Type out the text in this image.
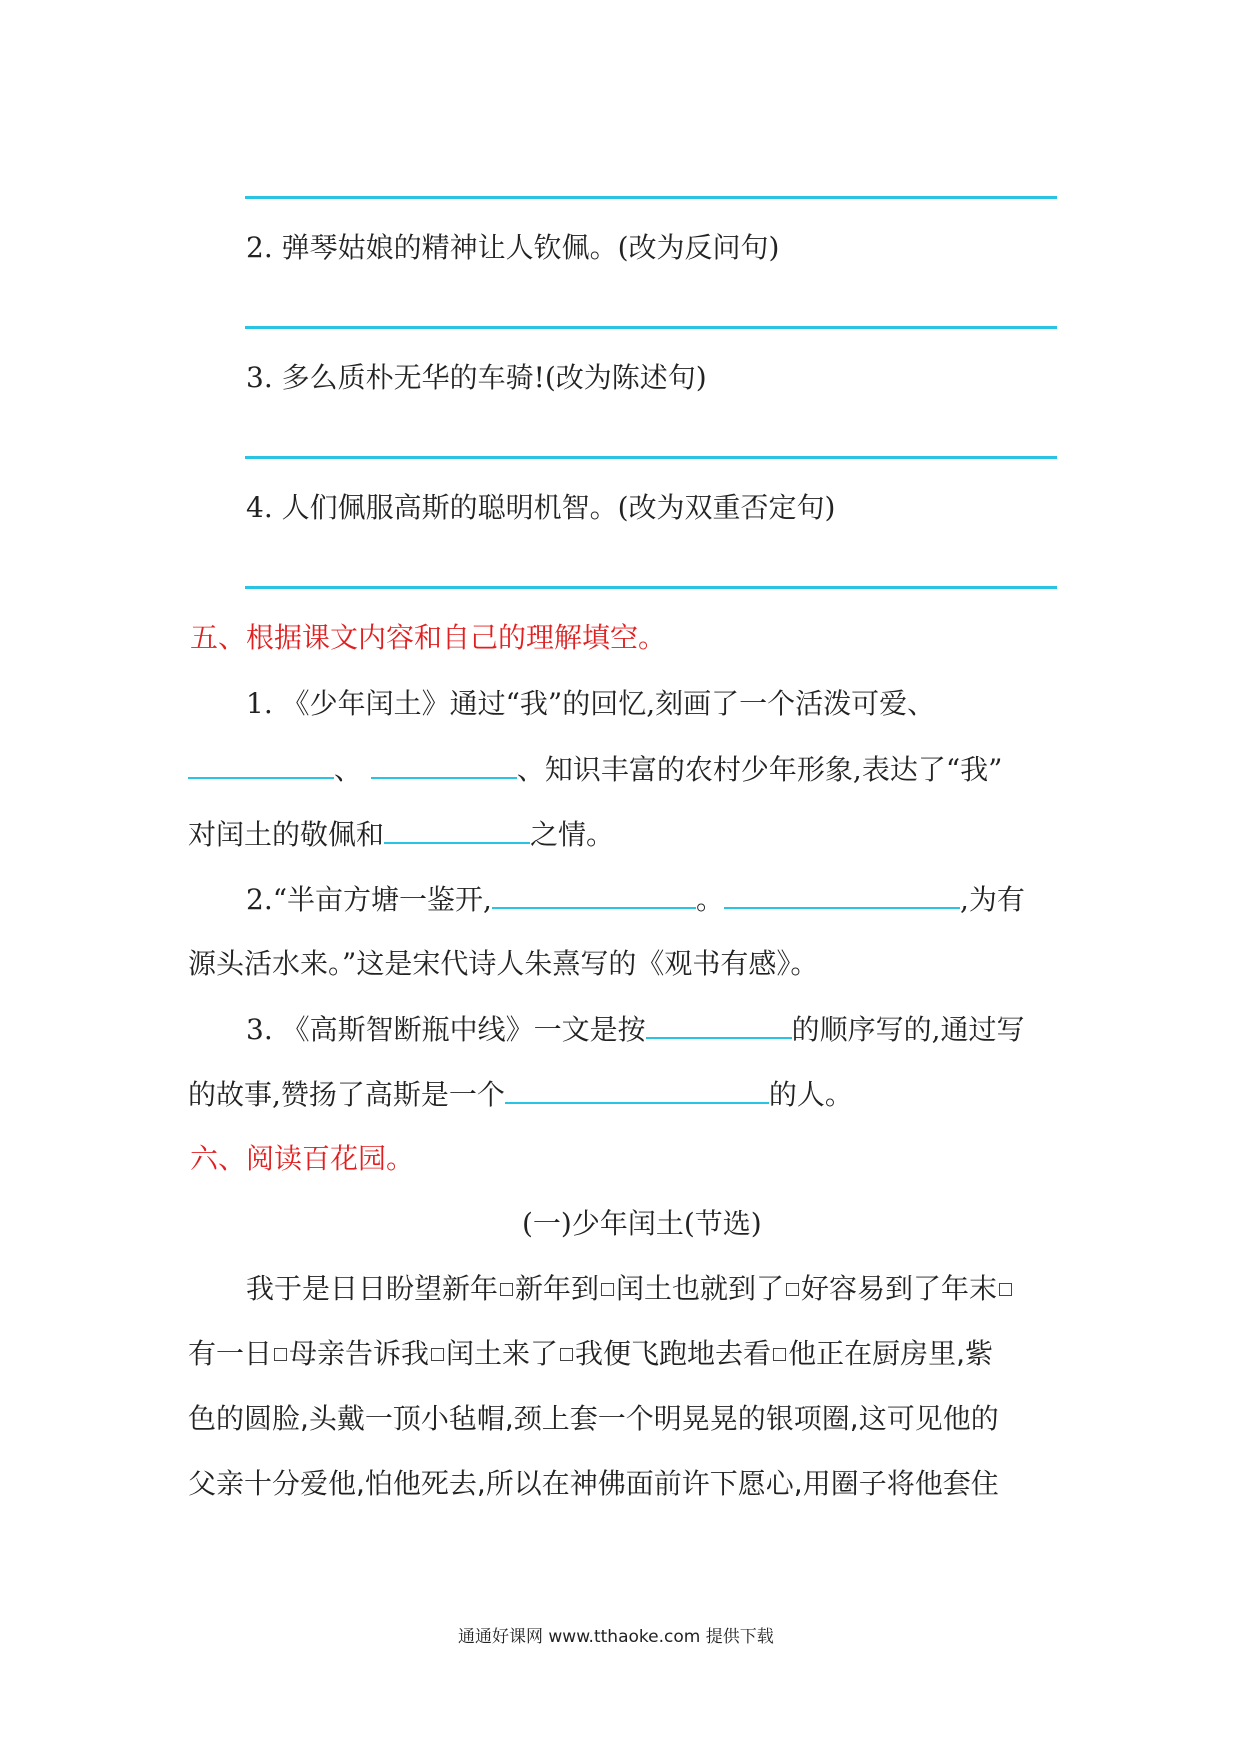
2. 弹琴姑娘的精神让人钦佩。(改为反问句)
3. 多么质朴无华的车骑!(改为陈述句)
4. 人们佩服高斯的聪明机智。(改为双重否定句)
五、根据课文内容和自己的理解填空。
1. 《少年闰土》通过“我”的回忆,刻画了一个活泼可爱、
、	、知识丰富的农村少年形象,表达了“我”
对闰土的敬佩和	之情。
2.“半亩方塘一鉴开,	。	,为有
源头活水来。”这是宋代诗人朱熹写的《观书有感》。
3. 《高斯智断瓶中线》一文是按	的顺序写的,通过写
的故事,赞扬了高斯是一个	的人。
六、阅读百花园。
(一)少年闰土(节选)
我于是日日盼望新年 新年到 闰土也就到了 好容易到了年末
有一日 母亲告诉我 闰土来了 我便飞跑地去看 他正在厨房里,紫
色的圆脸,头戴一顶小毡帽,颈上套一个明晃晃的银项圈,这可见他的
父亲十分爱他,怕他死去,所以在神佛面前许下愿心,用圈子将他套住
通通好课网 www.tthaoke.com 提供下载
